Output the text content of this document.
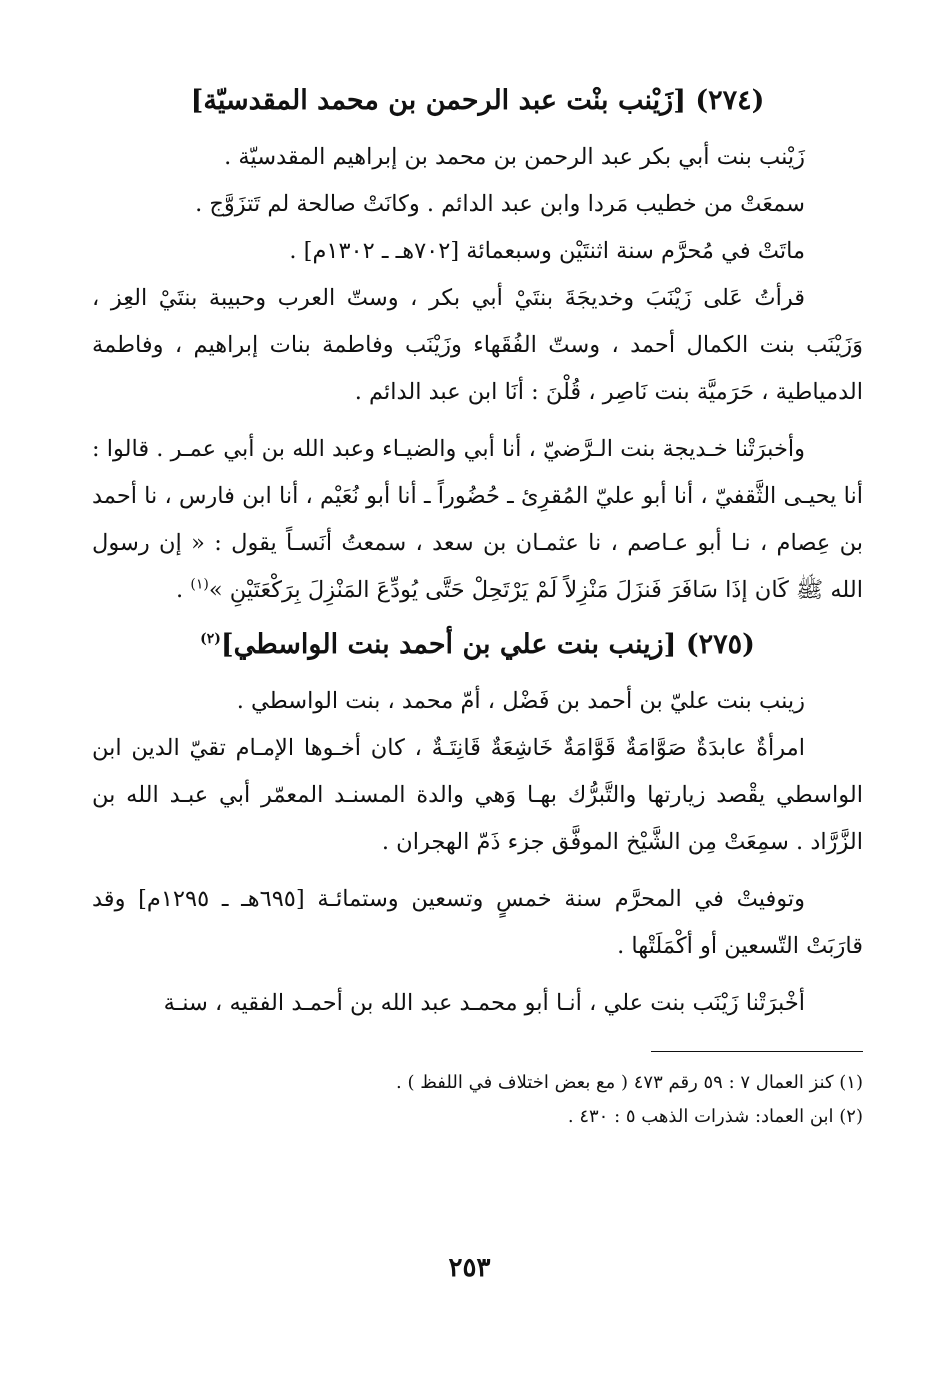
(٢٧٤) [زَيْنب بنْت عبد الرحمن بن محمد المقدسيّة]
زَيْنب بنت أبي بكر عبد الرحمن بن محمد بن إبراهيم المقدسيّة .
سمعَتْ من خطيب مَردا وابن عبد الدائم . وكانَتْ صالحة لم تَتزَوَّج .
ماتَتْ في مُحرَّم سنة اثنتَيْن وسبعمائة [٧٠٢هـ ـ ١٣٠٢م] .

قرأتُ عَلى زَيْنَبَ وخديجَةَ بنتَيْ أبي بكر ، وستّ العرب وحبيبة بنتَيْ العِز ، وَزَيْنَب بنت الكمال أحمد ، وستّ الفُقَهاء وزَيْنَب وفاطمة بنات إبراهيم ، وفاطمة الدمياطية ، حَرَميَّة بنت نَاصِر ، قُلْنَ : أنَا ابن عبد الدائم .

وأخبرَتْنا خـديجة بنت الـرَّضيّ ، أنا أبي والضيـاء وعبد الله بن أبي عمـر . قالوا : أنا يحيـى الثَّقفيّ ، أنا أبو عليّ المُقرِئ ـ حُضُوراً ـ أنا أبو نُعَيْم ، أنا ابن فارس ، نا أحمد بن عِصام ، نـا أبو عـاصم ، نا عثمـان بن سعد ، سمعتُ أنَسـاً يقول : « إن رسول الله ﷺ كَان إذَا سَافَرَ فَنزَلَ مَنْزِلاً لَمْ يَرْتَحِلْ حَتَّى يُودِّعَ المَنْزِلَ بِرَكْعَتَيْنِ »$^{(١)}$ .

(٢٧٥) [زينب بنت علي بن أحمد بنت الواسطي]$^{(٢)}$
زينب بنت عليّ بن أحمد بن فَضْل ، أمّ محمد ، بنت الواسطي .

امرأةٌ عابدَةٌ صَوَّامَةٌ قَوَّامَةٌ خَاشِعَةٌ قَانِتَـةٌ ، كان أخـوها الإمـام تقيّ الدين ابن الواسطي يقْصد زيارتها والتَّبرُّك بهـا وَهي والدة المسنـد المعمّر أبي عبـد الله بن الزَّرَّاد . سمِعَتْ مِن الشَّيْخ الموفَّق جزء ذَمّ الهجران .

وتوفيتْ في المحرَّم سنة خمسٍ وتسعين وستمائـة [٦٩٥هـ ـ ١٢٩٥م] وقد قارَبَتْ التّسعين أو أكْمَلَتْها .

أخْبرَتْنا زَيْنَب بنت علي ، أنـا أبو محمـد عبد الله بن أحمـد الفقيه ، سنـة

(١) كنز العمال ٧ : ٥٩ رقم ٤٧٣ ( مع بعض اختلاف في اللفظ ) .

(٢) ابن العماد: شذرات الذهب ٥ : ٤٣٠ .

٢٥٣
